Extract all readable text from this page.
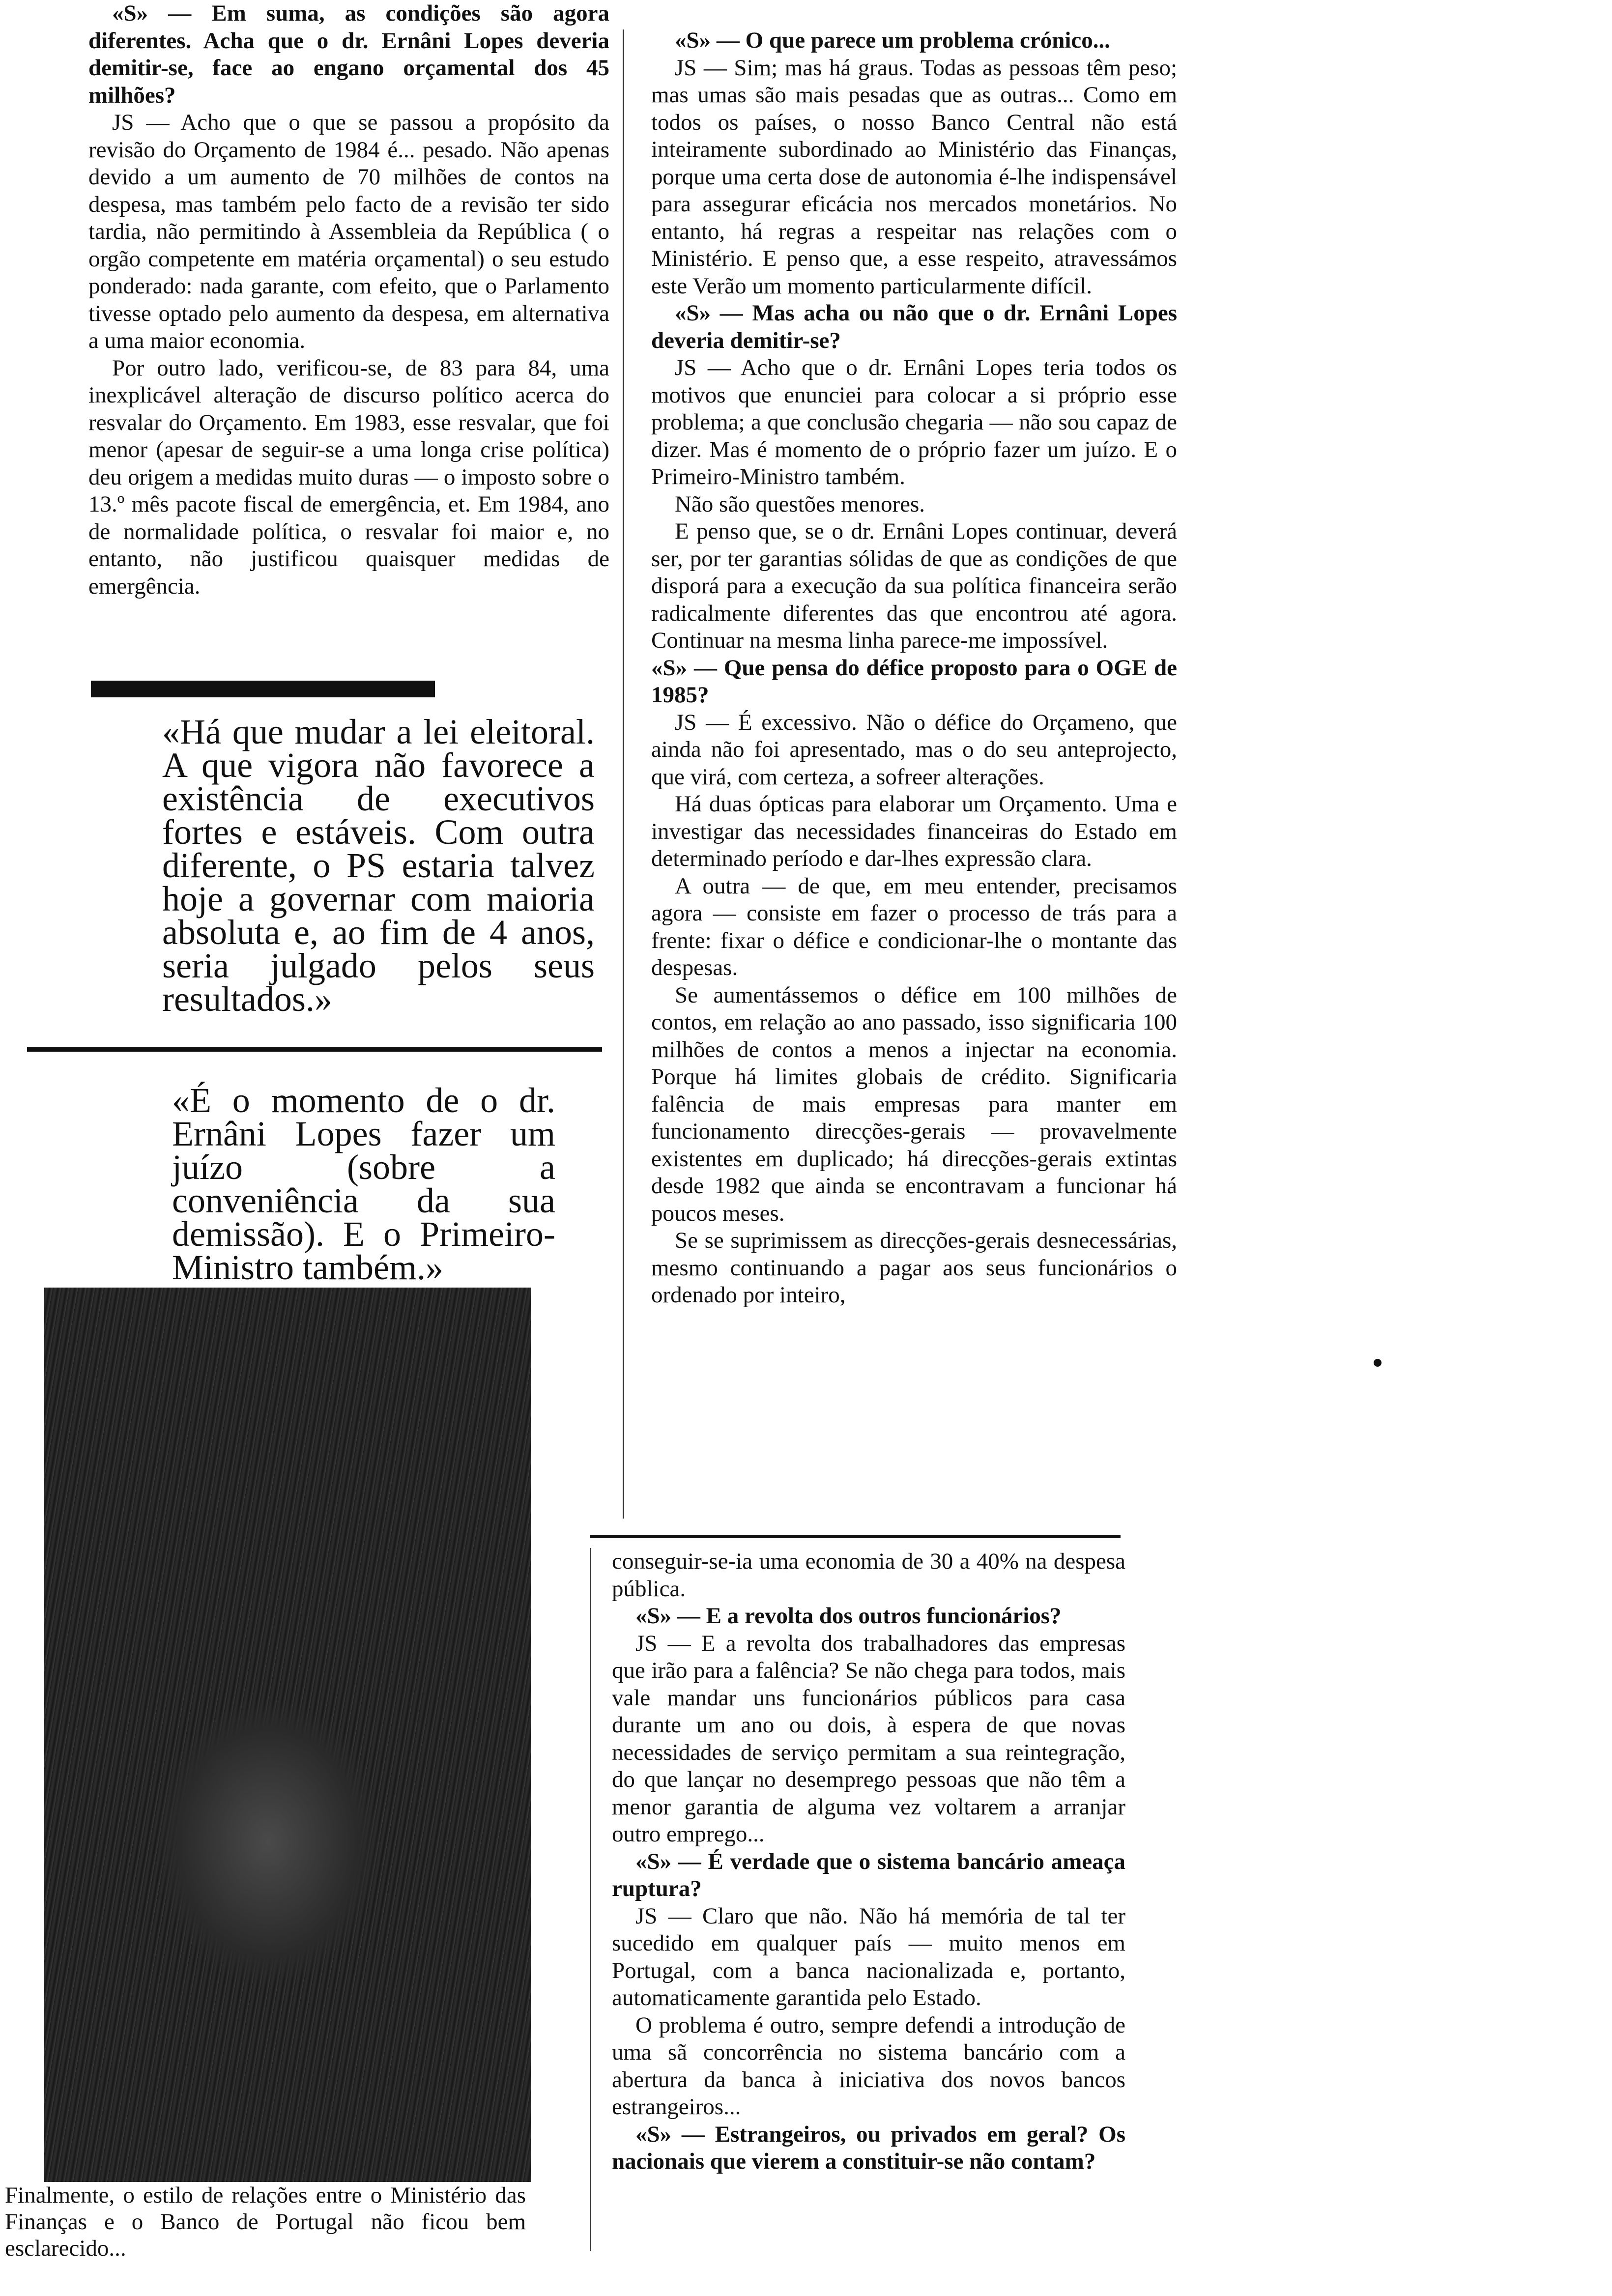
«S» — Em suma, as condições são agora diferentes. Acha que o dr. Ernâni Lopes deveria demitir-se, face ao engano orçamental dos 45 milhões?

JS — Acho que o que se passou a propósito da revisão do Orçamento de 1984 é... pesado. Não apenas devido a um aumento de 70 milhões de contos na despesa, mas também pelo facto de a revisão ter sido tardia, não permitindo à Assembleia da República ( o orgão competente em matéria orçamental) o seu estudo ponderado: nada garante, com efeito, que o Parlamento tivesse optado pelo aumento da despesa, em alternativa a uma maior economia.

Por outro lado, verificou-se, de 83 para 84, uma inexplicável alteração de discurso político acerca do resvalar do Orçamento. Em 1983, esse resvalar, que foi menor (apesar de seguir-se a uma longa crise política) deu origem a medidas muito duras — o imposto sobre o 13.º mês pacote fiscal de emergência, et. Em 1984, ano de normalidade política, o resvalar foi maior e, no entanto, não justificou quaisquer medidas de emergência.

«Há que mudar a lei eleitoral. A que vigora não favorece a existência de executivos fortes e estáveis. Com outra diferente, o PS estaria talvez hoje a governar com maioria absoluta e, ao fim de 4 anos, seria julgado pelos seus resultados.»
«É o momento de o dr. Ernâni Lopes fazer um juízo (sobre a conveniência da sua demissão). E o Primeiro-Ministro também.»
Finalmente, o estilo de relações entre o Ministério das Finanças e o Banco de Portugal não ficou bem esclarecido...

«S» — O que parece um problema crónico...

JS — Sim; mas há graus. Todas as pessoas têm peso; mas umas são mais pesadas que as outras... Como em todos os países, o nosso Banco Central não está inteiramente subordinado ao Ministério das Finanças, porque uma certa dose de autonomia é-lhe indispensável para assegurar eficácia nos mercados monetários. No entanto, há regras a respeitar nas relações com o Ministério. E penso que, a esse respeito, atravessámos este Verão um momento particularmente difícil.

«S» — Mas acha ou não que o dr. Ernâni Lopes deveria demitir-se?

JS — Acho que o dr. Ernâni Lopes teria todos os motivos que enunciei para colocar a si próprio esse problema; a que conclusão chegaria — não sou capaz de dizer. Mas é momento de o próprio fazer um juízo. E o Primeiro-Ministro também.

Não são questões menores.

E penso que, se o dr. Ernâni Lopes continuar, deverá ser, por ter garantias sólidas de que as condições de que disporá para a execução da sua política financeira serão radicalmente diferentes das que encontrou até agora. Continuar na mesma linha parece-me impossível.

«S» — Que pensa do défice proposto para o OGE de 1985?

JS — É excessivo. Não o défice do Orçameno, que ainda não foi apresentado, mas o do seu anteprojecto, que virá, com certeza, a sofreer alterações.

Há duas ópticas para elaborar um Orçamento. Uma e investigar das necessidades financeiras do Estado em determinado período e dar-lhes expressão clara.

A outra — de que, em meu entender, precisamos agora — consiste em fazer o processo de trás para a frente: fixar o défice e condicionar-lhe o montante das despesas.

Se aumentássemos o défice em 100 milhões de contos, em relação ao ano passado, isso significaria 100 milhões de contos a menos a injectar na economia. Porque há limites globais de crédito. Significaria falência de mais empresas para manter em funcionamento direcções-gerais — provavelmente existentes em duplicado; há direcções-gerais extintas desde 1982 que ainda se encontravam a funcionar há poucos meses.

Se se suprimissem as direcções-gerais desnecessárias, mesmo continuando a pagar aos seus funcionários o ordenado por inteiro,

conseguir-se-ia uma economia de 30 a 40% na despesa pública.

«S» — E a revolta dos outros funcionários?

JS — E a revolta dos trabalhadores das empresas que irão para a falência? Se não chega para todos, mais vale mandar uns funcionários públicos para casa durante um ano ou dois, à espera de que novas necessidades de serviço permitam a sua reintegração, do que lançar no desemprego pessoas que não têm a menor garantia de alguma vez voltarem a arranjar outro emprego...

«S» — É verdade que o sistema bancário ameaça ruptura?

JS — Claro que não. Não há memória de tal ter sucedido em qualquer país — muito menos em Portugal, com a banca nacionalizada e, portanto, automaticamente garantida pelo Estado.

O problema é outro, sempre defendi a introdução de uma sã concorrência no sistema bancário com a abertura da banca à iniciativa dos novos bancos estrangeiros...

«S» — Estrangeiros, ou privados em geral? Os nacionais que vierem a constituir-se não contam?
